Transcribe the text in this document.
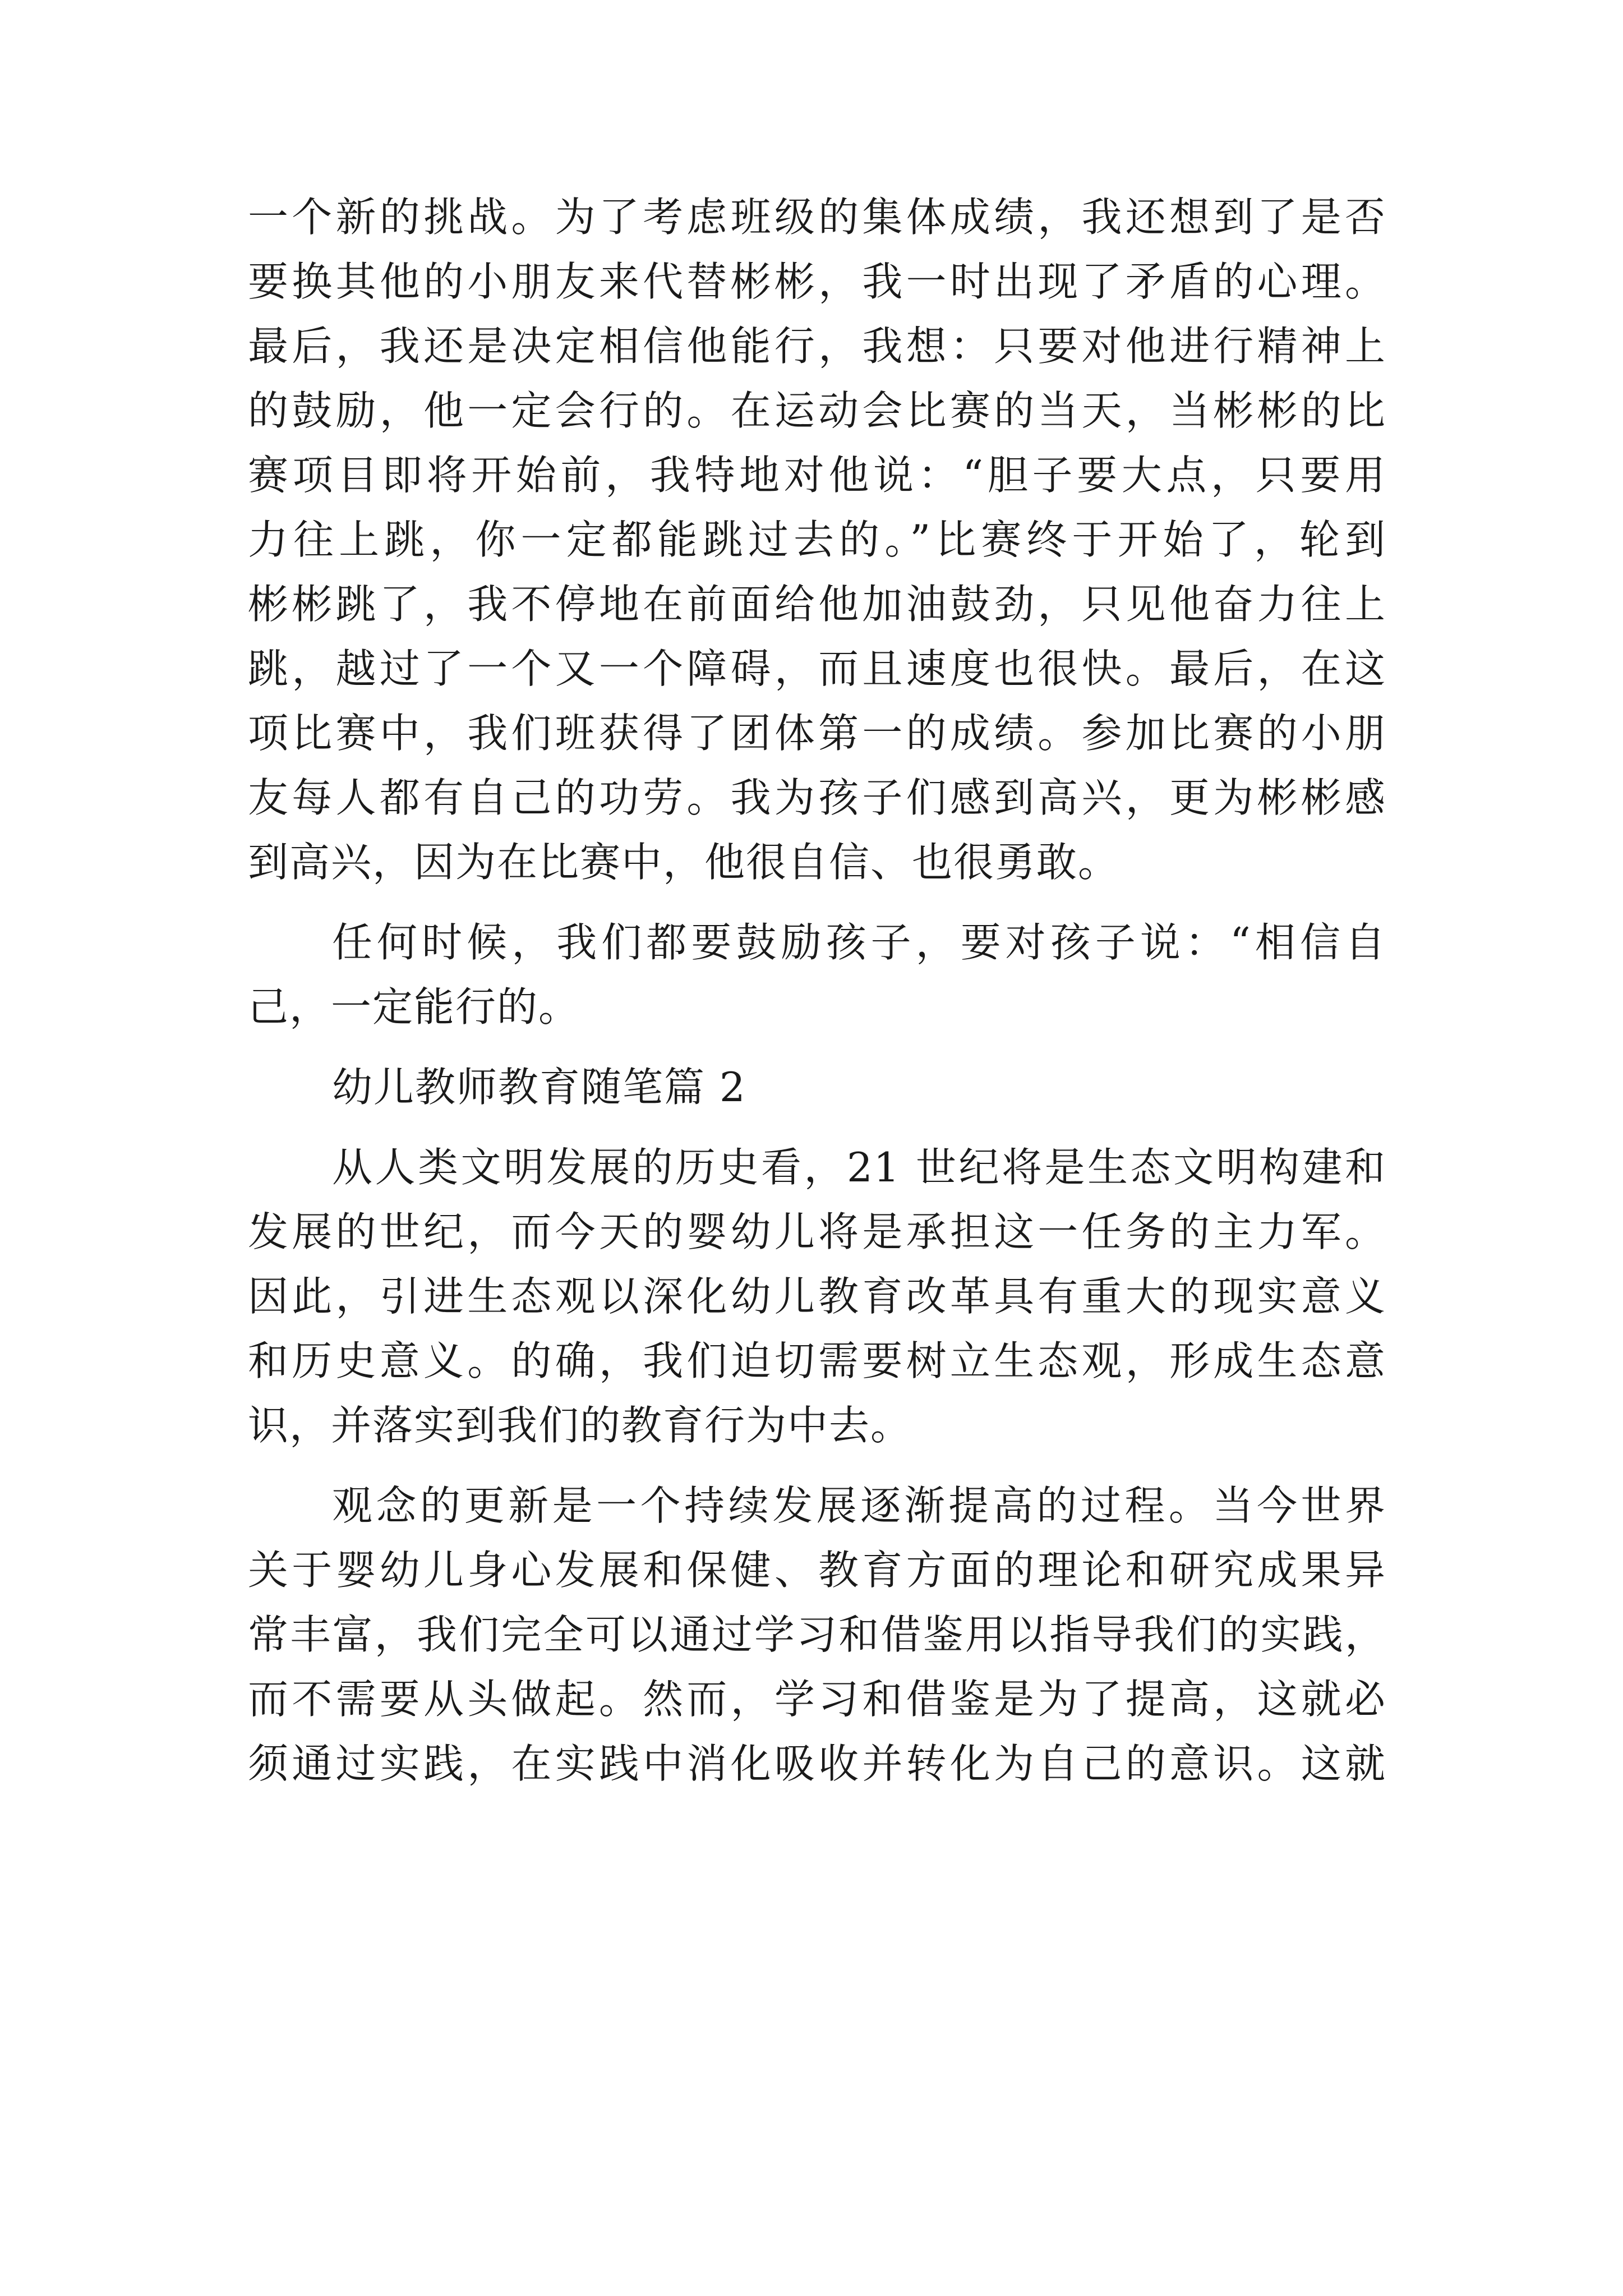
一个新的挑战。为了考虑班级的集体成绩，我还想到了是否
要换其他的小朋友来代替彬彬，我一时出现了矛盾的心理。
最后，我还是决定相信他能行，我想：只要对他进行精神上
的鼓励，他一定会行的。在运动会比赛的当天，当彬彬的比
赛项目即将开始前，我特地对他说：“胆子要大点，只要用
力往上跳，你一定都能跳过去的。”比赛终于开始了，轮到
彬彬跳了，我不停地在前面给他加油鼓劲，只见他奋力往上
跳，越过了一个又一个障碍，而且速度也很快。最后，在这
项比赛中，我们班获得了团体第一的成绩。参加比赛的小朋
友每人都有自己的功劳。我为孩子们感到高兴，更为彬彬感
到高兴，因为在比赛中，他很自信、也很勇敢。
任何时候，我们都要鼓励孩子，要对孩子说：“相信自
己，一定能行的。
幼儿教师教育随笔篇 2
从人类文明发展的历史看，21 世纪将是生态文明构建和
发展的世纪，而今天的婴幼儿将是承担这一任务的主力军。
因此，引进生态观以深化幼儿教育改革具有重大的现实意义
和历史意义。的确，我们迫切需要树立生态观，形成生态意
识，并落实到我们的教育行为中去。
观念的更新是一个持续发展逐渐提高的过程。当今世界
关于婴幼儿身心发展和保健、教育方面的理论和研究成果异
常丰富，我们完全可以通过学习和借鉴用以指导我们的实践，
而不需要从头做起。然而，学习和借鉴是为了提高，这就必
须通过实践，在实践中消化吸收并转化为自己的意识。这就
